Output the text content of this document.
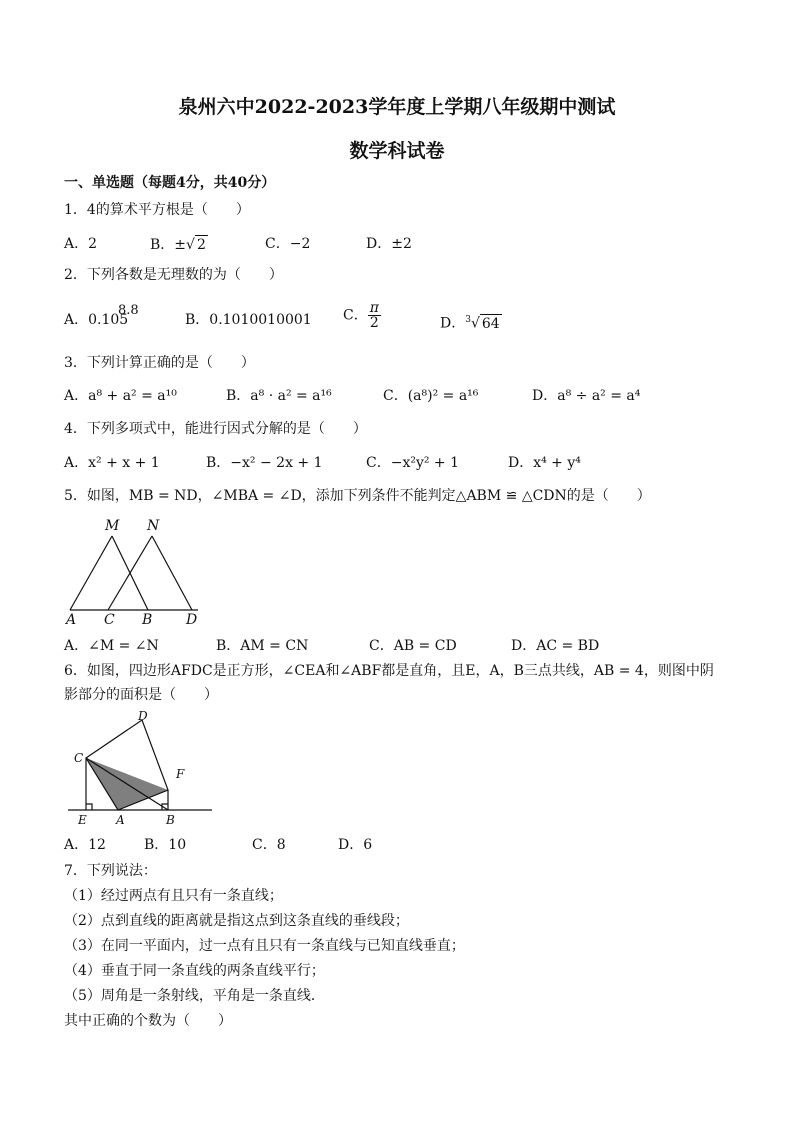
泉州六中2022-2023学年度上学期八年级期中测试
数学科试卷
一、单选题（每题4分，共40分）
1．4的算术平方根是（　　）
A．2	B．±√ 2	C．−2	D．±2
2．下列各数是无理数的为（　　）
A．0.105
8.8
B．0.1010010001 C． $\frac{\pi}{2}$	D．$^3$√ 64
3．下列计算正确的是（　　）
A．a⁸ + a² = a¹⁰	B．a⁸ · a² = a¹⁶	C．(a⁸)² = a¹⁶	D．a⁸ ÷ a² = a⁴
4．下列多项式中，能进行因式分解的是（　　）
A．x² + x + 1	B．−x² − 2x + 1	C．−x²y² + 1	D．x⁴ + y⁴
5．如图，MB = ND，∠MBA = ∠D，添加下列条件不能判定△ABM ≌ △CDN的是（　　）
M N
A C B D
A．∠M = ∠N	B．AM = CN	C．AB = CD	D．AC = BD
6．如图，四边形AFDC是正方形，∠CEA和∠ABF都是直角，且E，A，B三点共线，AB = 4，则图中阴
影部分的面积是（　　）
C
D
F
E A	B
A．12	B．10	C．8	D．6
7．下列说法：
（1）经过两点有且只有一条直线；
（2）点到直线的距离就是指这点到这条直线的垂线段；
（3）在同一平面内，过一点有且只有一条直线与已知直线垂直；
（4）垂直于同一条直线的两条直线平行；
（5）周角是一条射线，平角是一条直线．
其中正确的个数为（　　）
